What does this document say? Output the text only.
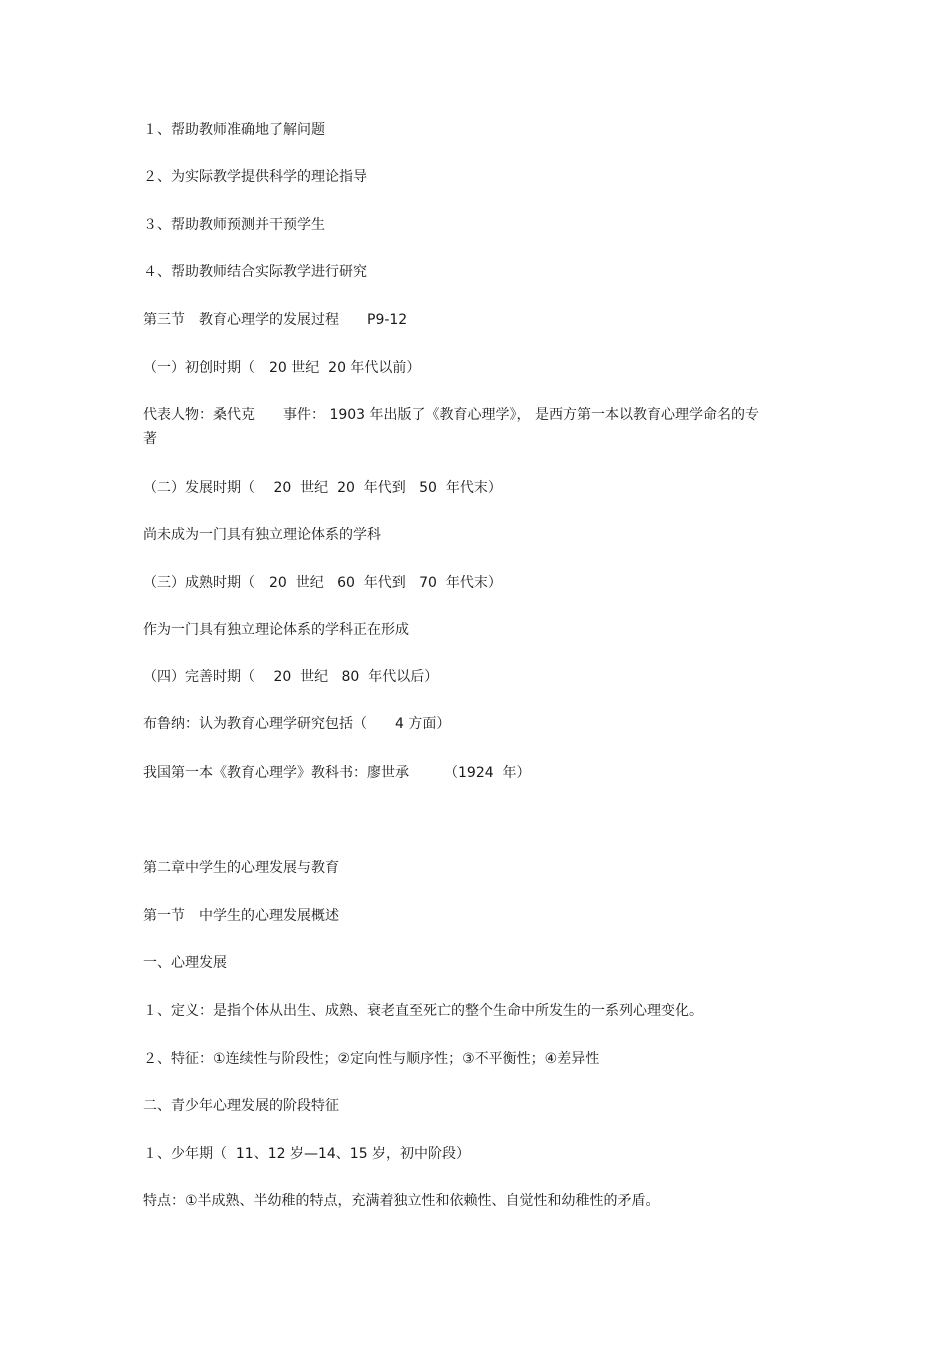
１、帮助教师准确地了解问题
２、为实际教学提供科学的理论指导
３、帮助教师预测并干预学生
４、帮助教师结合实际教学进行研究
第三节　教育心理学的发展过程　　P9-12
（一）初创时期（　20 世纪  20 年代以前）
代表人物：桑代克　　事件： 1903 年出版了《教育心理学》， 是西方第一本以教育心理学命名的专著
（二）发展时期（　 20  世纪  20  年代到   50  年代末）
尚未成为一门具有独立理论体系的学科
（三）成熟时期（　20  世纪   60  年代到   70  年代末）
作为一门具有独立理论体系的学科正在形成
（四）完善时期（　 20  世纪   80  年代以后）
布鲁纳：认为教育心理学研究包括（　　4 方面）
我国第一本《教育心理学》教科书：廖世承　　　（1924  年）
第二章中学生的心理发展与教育
第一节　中学生的心理发展概述
一、心理发展
１、定义：是指个体从出生、成熟、衰老直至死亡的整个生命中所发生的一系列心理变化。
２、特征：①连续性与阶段性；②定向性与顺序性；③不平衡性；④差异性
二、青少年心理发展的阶段特征
１、少年期（  11、12 岁—14、15 岁，初中阶段）
特点：①半成熟、半幼稚的特点，充满着独立性和依赖性、自觉性和幼稚性的矛盾。
